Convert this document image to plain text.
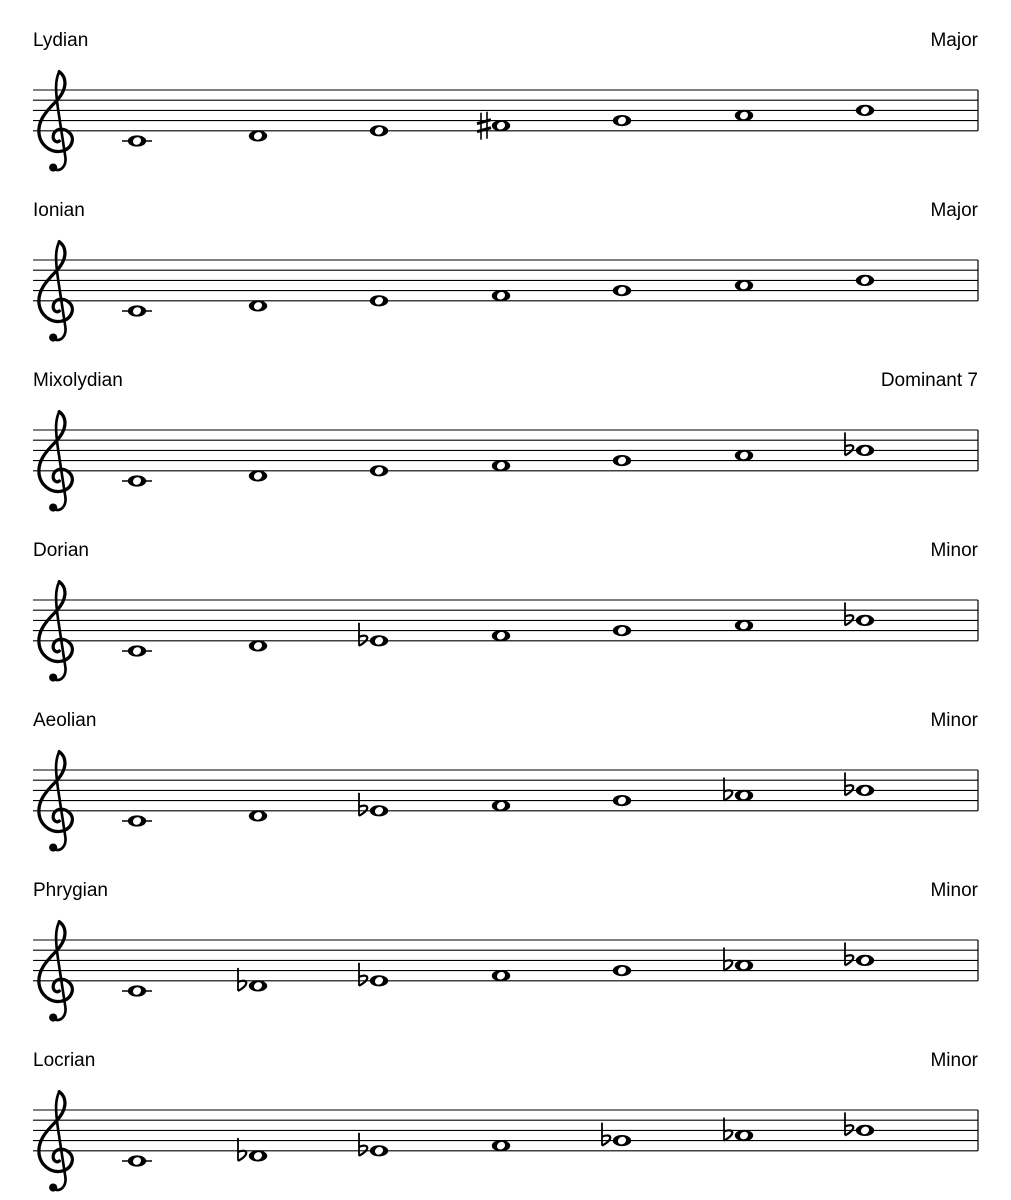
Lydian	Major
Ionian	Major
Mixolydian	Dominant 7
Dorian	Minor
Aeolian	Minor
Phrygian	Minor
Locrian	Minor
